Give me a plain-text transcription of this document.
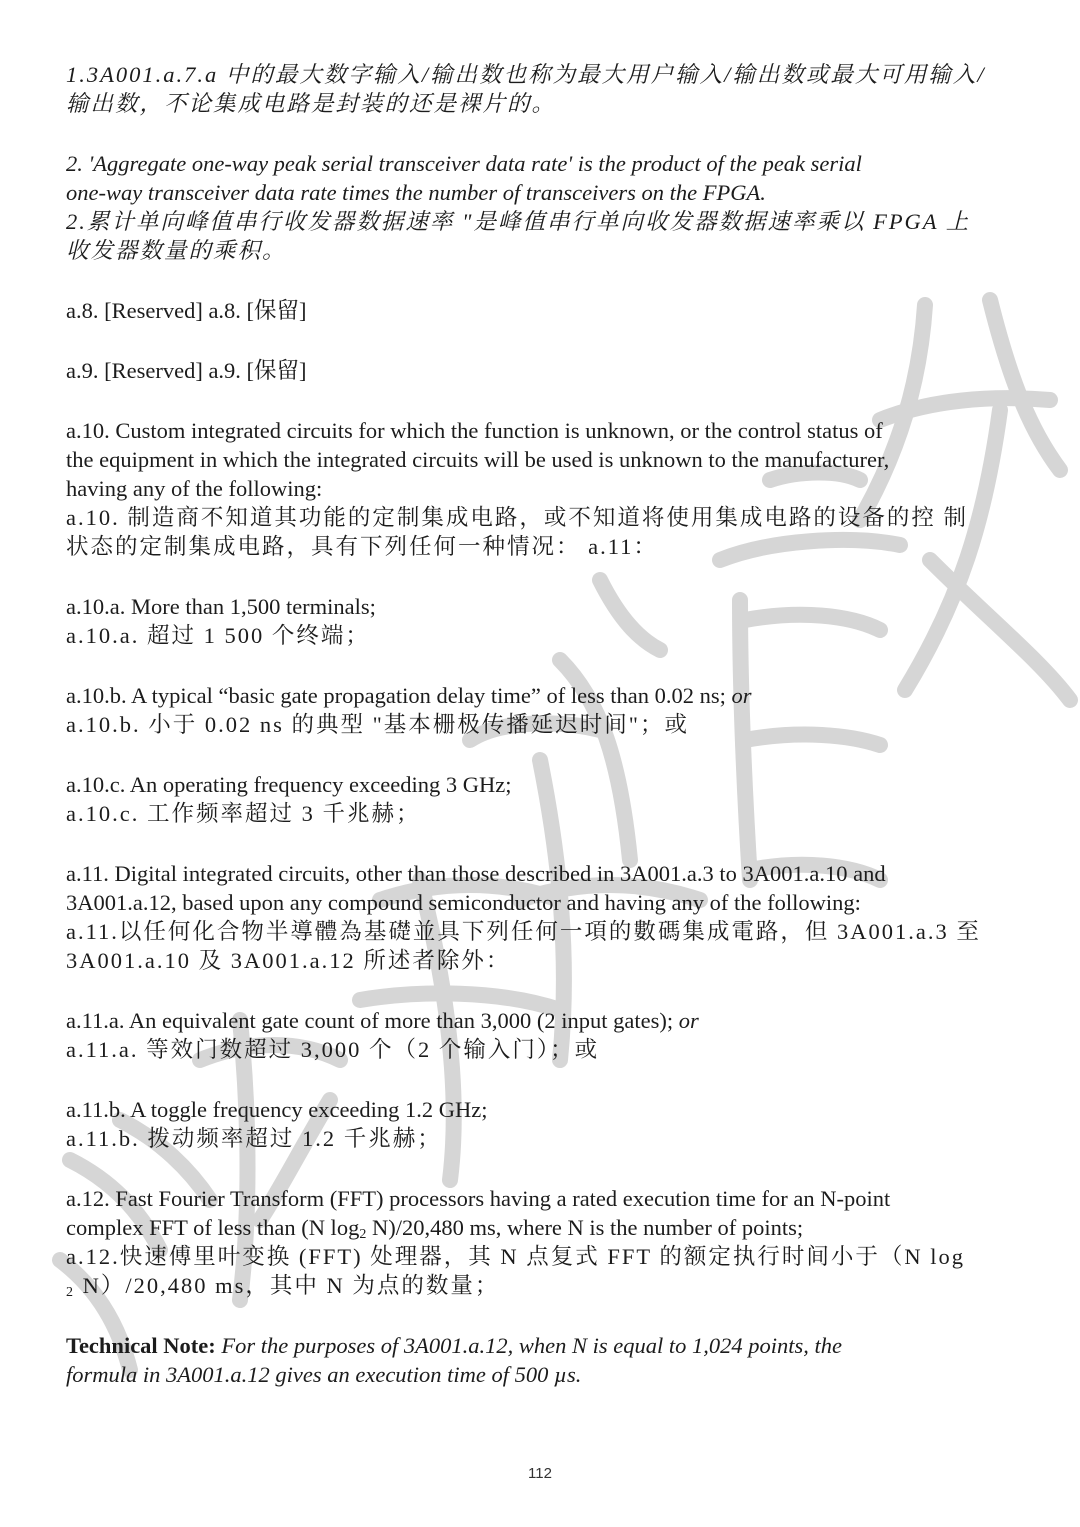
1.3A001.a.7.a 中的最大数字输入/输出数也称为最大用户输入/输出数或最大可用输入/
输出数，不论集成电路是封装的还是裸片的。
2. 'Aggregate one-way peak serial transceiver data rate' is the product of the peak serial
one-way transceiver data rate times the number of transceivers on the FPGA.
2.累计单向峰值串行收发器数据速率 "是峰值串行单向收发器数据速率乘以 FPGA 上
收发器数量的乘积。
a.8. [Reserved] a.8. [保留]
a.9. [Reserved] a.9. [保留]
a.10. Custom integrated circuits for which the function is unknown, or the control status of
the equipment in which the integrated circuits will be used is unknown to the manufacturer,
having any of the following:
a.10. 制造商不知道其功能的定制集成电路，或不知道将使用集成电路的设备的控 制
状态的定制集成电路，具有下列任何一种情况： a.11：
a.10.a. More than 1,500 terminals;
a.10.a. 超过 1 500 个终端；
a.10.b. A typical “basic gate propagation delay time” of less than 0.02 ns; or
a.10.b. 小于 0.02 ns 的典型 "基本栅极传播延迟时间"；或
a.10.c. An operating frequency exceeding 3 GHz;
a.10.c. 工作频率超过 3 千兆赫；
a.11. Digital integrated circuits, other than those described in 3A001.a.3 to 3A001.a.10 and
3A001.a.12, based upon any compound semiconductor and having any of the following:
a.11.以任何化合物半導體為基礎並具下列任何一項的數碼集成電路，但 3A001.a.3 至
3A001.a.10 及 3A001.a.12 所述者除外：
a.11.a. An equivalent gate count of more than 3,000 (2 input gates); or
a.11.a. 等效门数超过 3,000 个（2 个输入门）；或
a.11.b. A toggle frequency exceeding 1.2 GHz;
a.11.b. 拨动频率超过 1.2 千兆赫；
a.12. Fast Fourier Transform (FFT) processors having a rated execution time for an N-point
complex FFT of less than (N $\log_2 N)/20,480$ ms, where N is the number of points;
a.12.快速傅里叶变换 (FFT) 处理器，其 N 点复式 FFT 的额定执行时间小于（N log
$_2$ N）/20,480 ms，其中 N 为点的数量；
Technical Note: For the purposes of 3A001.a.12, when N is equal to 1,024 points, the
formula in 3A001.a.12 gives an execution time of 500 µs.
112
